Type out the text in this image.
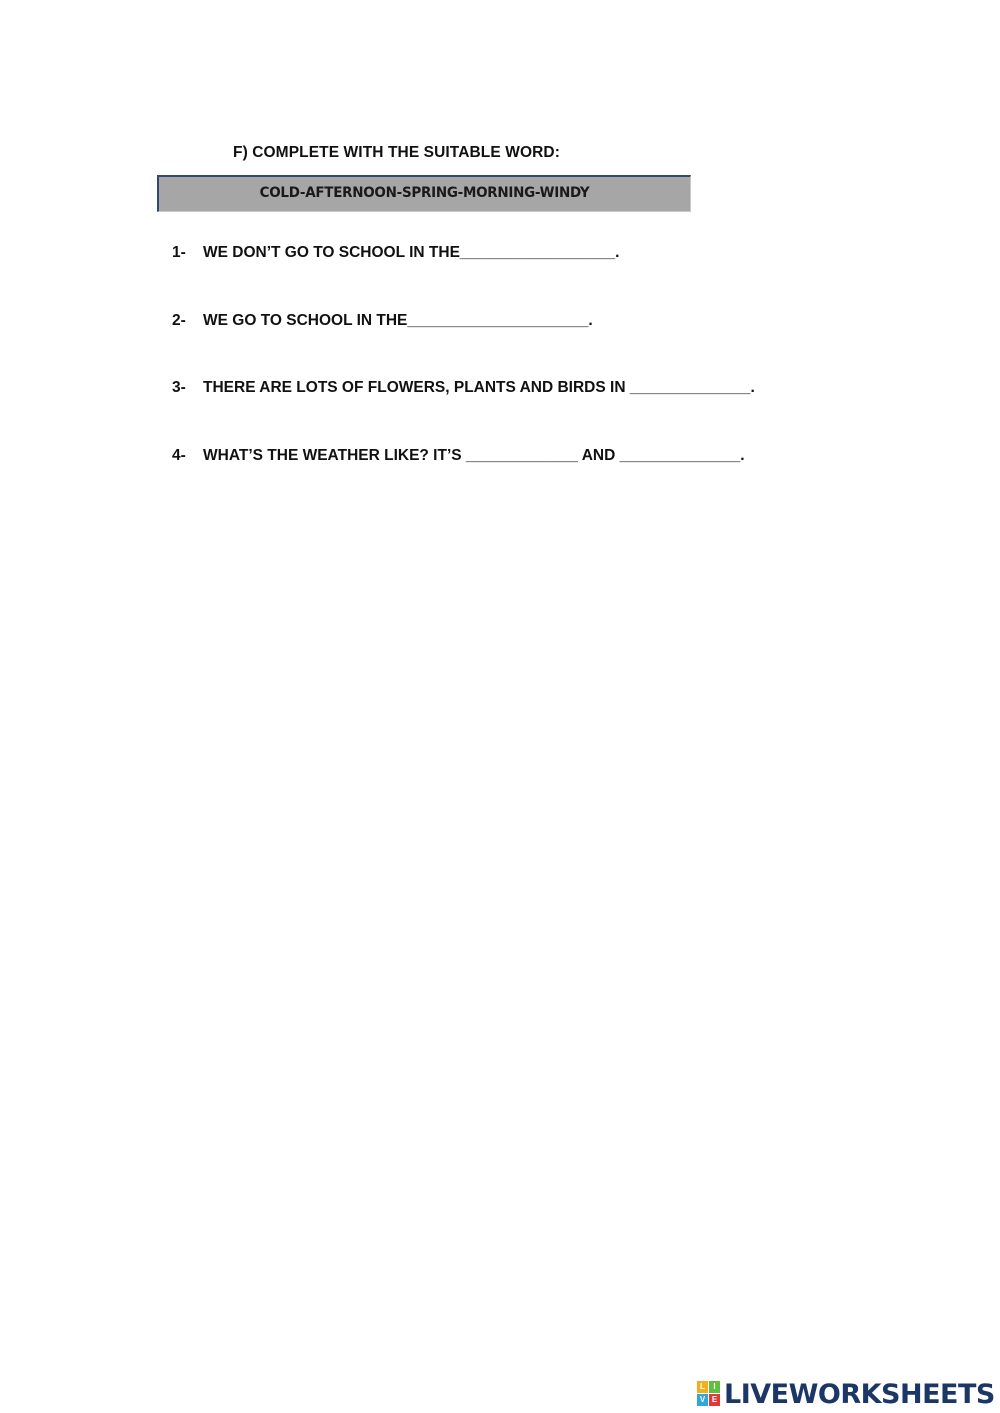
F) COMPLETE WITH THE SUITABLE WORD:
COLD-AFTERNOON-SPRING-MORNING-WINDY
1- WE DON’T GO TO SCHOOL IN THE__________________.
2- WE GO TO SCHOOL IN THE_____________________.
3- THERE ARE LOTS OF FLOWERS, PLANTS AND BIRDS IN ______________.
4- WHAT’S THE WEATHER LIKE? IT’S _____________ AND ______________.
L	I
V E LIVEWORKSHEETS
